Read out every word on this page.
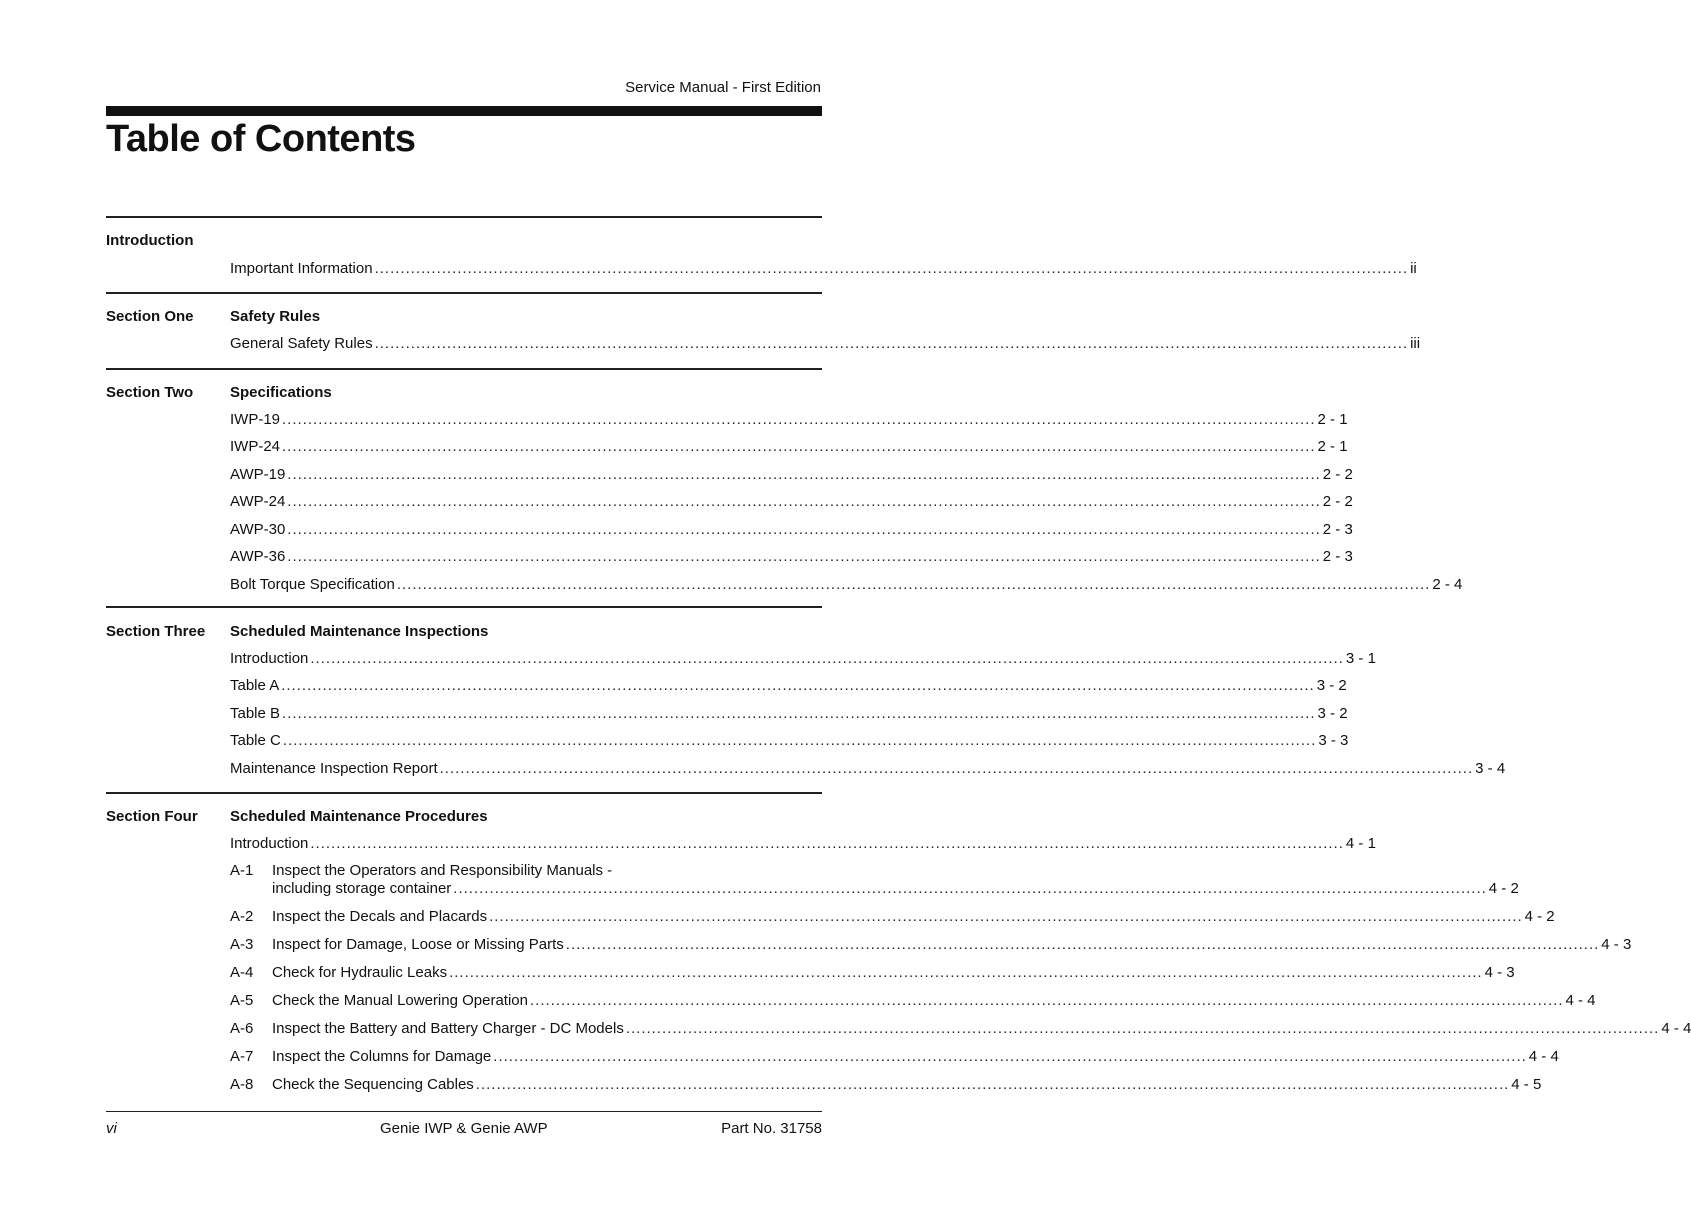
Service Manual - First Edition
Table of Contents
Introduction
Important Information ........................................................................................................................................................................................................ ii
Section One Safety Rules
General Safety Rules ........................................................................................................................................................................................................ iii
Section Two Specifications
IWP-19 ........................................................................................................................................................................................................ 2 - 1
IWP-24 ........................................................................................................................................................................................................ 2 - 1
AWP-19 ........................................................................................................................................................................................................ 2 - 2
AWP-24 ........................................................................................................................................................................................................ 2 - 2
AWP-30 ........................................................................................................................................................................................................ 2 - 3
AWP-36 ........................................................................................................................................................................................................ 2 - 3
Bolt Torque Specification ........................................................................................................................................................................................................ 2 - 4
Section Three Scheduled Maintenance Inspections
Introduction ........................................................................................................................................................................................................ 3 - 1
Table A ........................................................................................................................................................................................................ 3 - 2
Table B ........................................................................................................................................................................................................ 3 - 2
Table C ........................................................................................................................................................................................................ 3 - 3
Maintenance Inspection Report ........................................................................................................................................................................................................ 3 - 4
Section Four Scheduled Maintenance Procedures
Introduction ........................................................................................................................................................................................................ 4 - 1
A-1	Inspect the Operators and Responsibility Manuals -
including storage container ........................................................................................................................................................................................................ 4 - 2
A-2	Inspect the Decals and Placards ........................................................................................................................................................................................................ 4 - 2
A-3	Inspect for Damage, Loose or Missing Parts ........................................................................................................................................................................................................ 4 - 3
A-4	Check for Hydraulic Leaks ........................................................................................................................................................................................................ 4 - 3
A-5	Check the Manual Lowering Operation ........................................................................................................................................................................................................ 4 - 4
A-6	Inspect the Battery and Battery Charger - DC Models ........................................................................................................................................................................................................ 4 - 4
A-7	Inspect the Columns for Damage ........................................................................................................................................................................................................ 4 - 4
A-8	Check the Sequencing Cables ........................................................................................................................................................................................................ 4 - 5
vi	Genie IWP & Genie AWP	Part No. 31758
